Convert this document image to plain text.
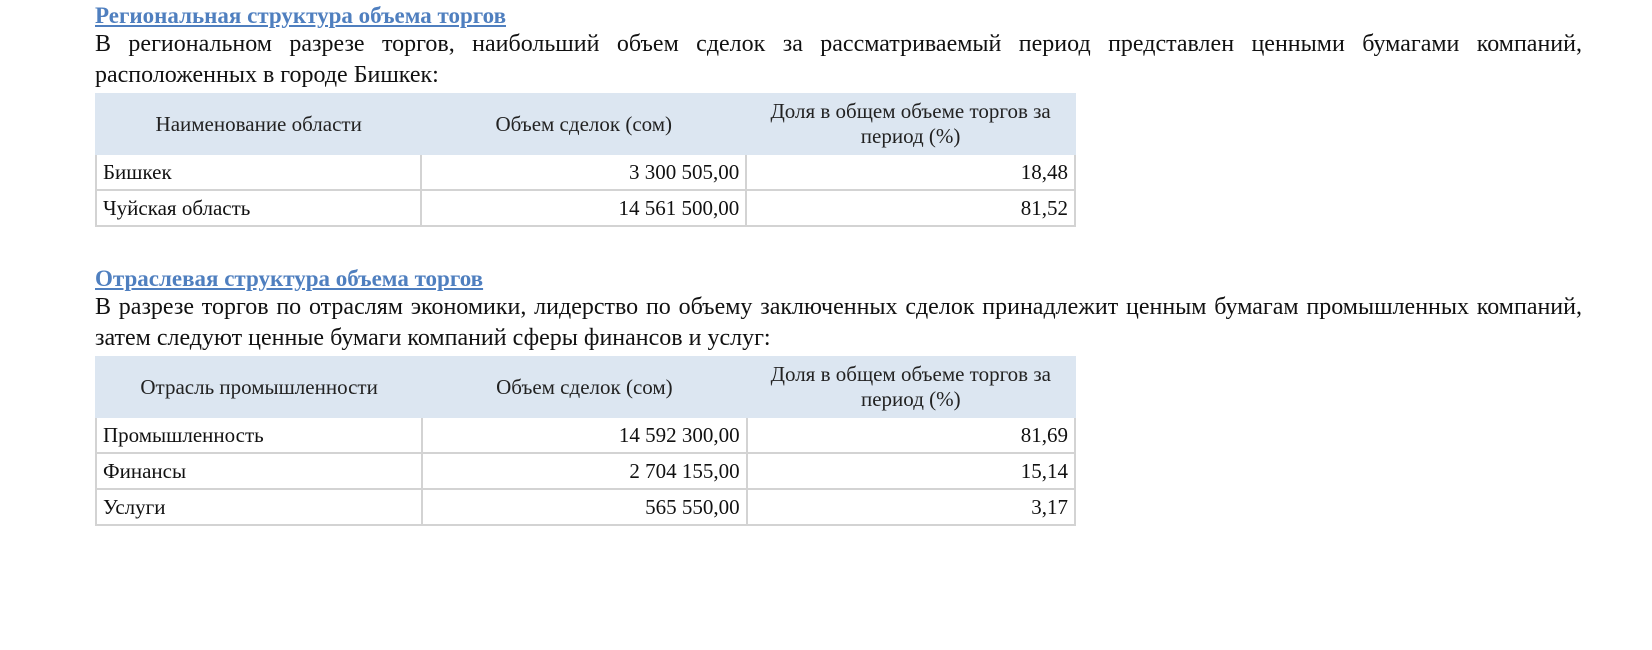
Региональная структура объема торгов

В региональном разрезе торгов, наибольший объем сделок за рассматриваемый период представлен ценными бумагами компаний, расположенных в городе Бишкек:

Наименование области	Объем сделок (сом)	Доля в общем объеме торгов за период (%)
Бишкек	3 300 505,00	18,48
Чуйская область	14 561 500,00	81,52
Отраслевая структура объема торгов

В разрезе торгов по отраслям экономики, лидерство по объему заключенных сделок принадлежит ценным бумагам промышленных компаний, затем следуют ценные бумаги компаний сферы финансов и услуг:

Отрасль промышленности	Объем сделок (сом)	Доля в общем объеме торгов за период (%)
Промышленность	14 592 300,00	81,69
Финансы	2 704 155,00	15,14
Услуги	565 550,00	3,17
